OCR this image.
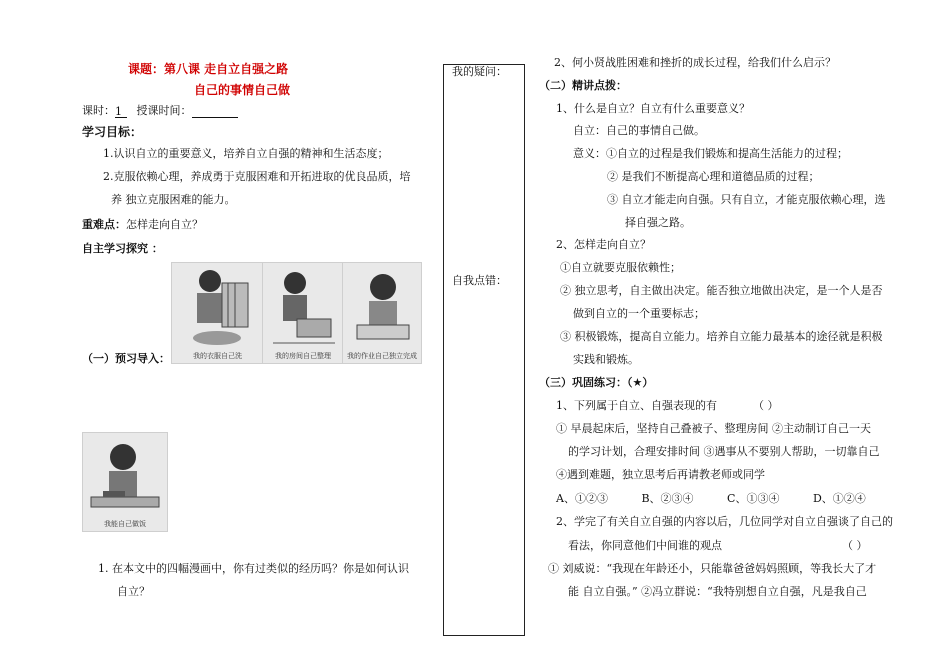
课题：第八课 走自立自强之路
自己的事情自己做
课时：1 授课时间：
学习目标：
1.认识自立的重要意义，培养自立自强的精神和生活态度；
2.克服依赖心理，养成勇于克服困难和开拓进取的优良品质，培
养 独立克服困难的能力。
重难点：怎样走向自立？
自主学习探究 ：
我的衣服自己洗	我的房间自己整理	我的作业自己独立完成
（一）预习导入：
我能自己做饭
1. 在本文中的四幅漫画中，你有过类似的经历吗？你是如何认识
自立？
我的疑问：
自我点错：
2、何小贤战胜困难和挫折的成长过程，给我们什么启示？
（二）精讲点拨：
1、什么是自立？自立有什么重要意义？
自立：自己的事情自己做。
意义：①自立的过程是我们锻炼和提高生活能力的过程；
② 是我们不断提高心理和道德品质的过程；
③ 自立才能走向自强。只有自立，才能克服依赖心理，选
择自强之路。
2、怎样走向自立？
①自立就要克服依赖性；
② 独立思考，自主做出决定。能否独立地做出决定，是一个人是否
做到自立的一个重要标志；
③ 积极锻炼，提高自立能力。培养自立能力最基本的途径就是积极
实践和锻炼。
（三）巩固练习：（★）
1、下列属于自立、自强表现的有	（ ）
① 早晨起床后，坚持自己叠被子、整理房间 ②主动制订自己一天
的学习计划，合理安排时间 ③遇事从不要别人帮助，一切靠自己
④遇到难题，独立思考后再请教老师或同学
A、①②③	B、②③④	C、①③④	D、①②④
2、学完了有关自立自强的内容以后，几位同学对自立自强谈了自己的
看法，你同意他们中间谁的观点	（ ）
① 刘威说：“我现在年龄还小，只能靠爸爸妈妈照顾，等我长大了才
能 自立自强。” ②冯立群说：“我特别想自立自强，凡是我自己
